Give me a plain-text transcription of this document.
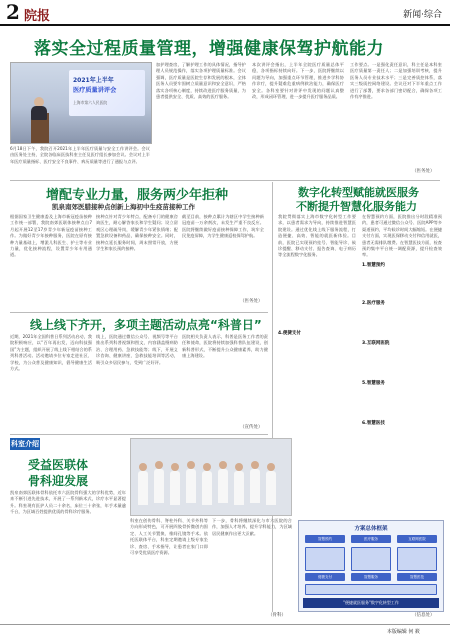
2 院报	新闻·综合
落实全过程质量管理，增强健康保驾护航能力
2021年上半年
医疗质量讲评会
上海市第六人民医院
6月18日下午，我院召开2021年上半年医疗质量与安全工作讲评会。会议由医务处主持，全院各临床医技科室主任及医疗组长参加会议。会议对上半年医疗质量指标、医疗安全不良事件、病历质量等进行了通报与点评。
加护理查房，了解护理工作的具体情况，指导护理人员规范操作，落实各项护理质量标准。会议强调，医疗质量是医院生存和发展的根本，全体医务人员要牢固树立质量意识和安全意识，严格落实各项核心制度，持续改进医疗服务质量，为患者提供安全、优质、高效的医疗服务。
本次讲评会指出，上半年全院医疗质量总体平稳，各项指标持续向好。下一步，医院将继续以问题为导向，加强重点环节管理，推进多学科协作诊疗，提升疑难危重病例救治能力，确保医疗安全。各科室要针对讲评中发现的问题认真整改，形成闭环管理，进一步提升医疗服务品质。
工作要点。一是强化责任意识，科主任是本科室医疗质量第一责任人；二是加强培训考核，提升医务人员专业技术水平；三是完善质控体系，落实三级质控网络建设。会议还对下半年重点工作进行了部署，要求各部门密切配合，确保各项工作有序推进。
（医务处）
增配专业力量，服务两少年拒种
凯泉南郊医腊接种点创新上海初中生疫苗接种工作
根据国家卫生健康委及上海市新冠疫苗接种工作统一部署，我院南郊医联体接种点自7月起开展12至17岁青少年新冠疫苗接种工作。为做好青少年接种服务，医院在原有接种力量基础上，增派儿科医生、护士等专业力量，优化接种流程，设置青少年专用通道。
接种点针对青少年特点，配备专门的健康咨询医生，耐心解答家长和学生疑问；设立留观区心理疏导岗，缓解青少年紧张情绪；配置急救设备和药品，确保接种安全。同时，接种点延长服务时间，周末照常开放，方便学生和家长预约接种。
截至目前，接种点累计为辖区中学生接种新冠疫苗一万余剂次，未发生严重不良反应。医院将继续做好疫苗接种保障工作，筑牢全民免疫屏障，为学生健康返校保驾护航。
（医务处）
数字化转型赋能就医服务
不断提升智慧化服务能力
我院贯彻落实上海市数字化转型工作要求，以患者需求为导向，持续推进智慧医院建设。通过优化线上线下服务流程，打造便捷、高效、智能的就医新体验。目前，医院已实现预约挂号、智能导诊、候诊提醒、移动支付、报告查询、电子病历等全流程数字化服务。
在智慧预约方面，医院推出分时段精准预约，患者可通过微信公众号、医院APP等多渠道预约，平均候诊时间大幅缩短。在便捷支付方面，实现医保移动支付和信用就医，患者无需排队缴费。在智慧医技方面，检查预约集中平台统一调配资源，提升检查效率。
1.智慧预约
2.医疗服务
3.互联网医院
4.便捷支付
5.智慧服务
6.智慧医技
方案总体框架
智慧预约	医疗服务	互联网医院
便捷支付	智慧服务	智慧医技
"便捷就医服务"数字化转型工作
（信息处）
线上线下齐开，多项主题活动点亮“科普日”
近期，2021年全国科普日系列活动启动，我院积极响应，以“百年再出发，迈向科技强国”为主题，组织开展了线上线下相结合的系列科普活动。活动邀请多位专家走进社区、学校，为公众普及健康知识，倡导健康生活方式。
线上，医院通过微信公众号、视频号等平台推出系列科普视频和图文，内容涵盖慢病防治、合理用药、急救技能等；线下，开展义诊咨询、健康讲座、急救技能培训等活动，吸引众多居民参与，受到广泛好评。
医院相关负责人表示，科普是医务工作者的责任和使命，医院将持续加强科普队伍建设，创新科普形式，不断提升公众健康素养，助力健康上海建设。
（宣传处）
科室介绍
受益医联体
骨科迎发展
凯泉南郊医联体骨科依托市六医院骨科强大的学科优势，近年来不断引进先进技术，开展了一系列新术式，诊疗水平显著提升。科室现有医护人员二十余名，床位三十余张，年手术量逾千台，为区域百姓提供优质的骨科诊疗服务。
科室在创伤骨科、脊柱外科、关节外科等方向形成特色，可开展四肢骨折微创内固定、人工关节置换、椎间孔镜等手术。依托医联体平台，科室定期邀请上级专家坐诊、查房、手术指导，让患者在家门口即可享受优质医疗资源。
下一步，骨科将继续深化与市六医院的合作，加强人才培养，提升学科能力，为区域居民健康作出更大贡献。
（骨科）
本版编辑 何 筱
